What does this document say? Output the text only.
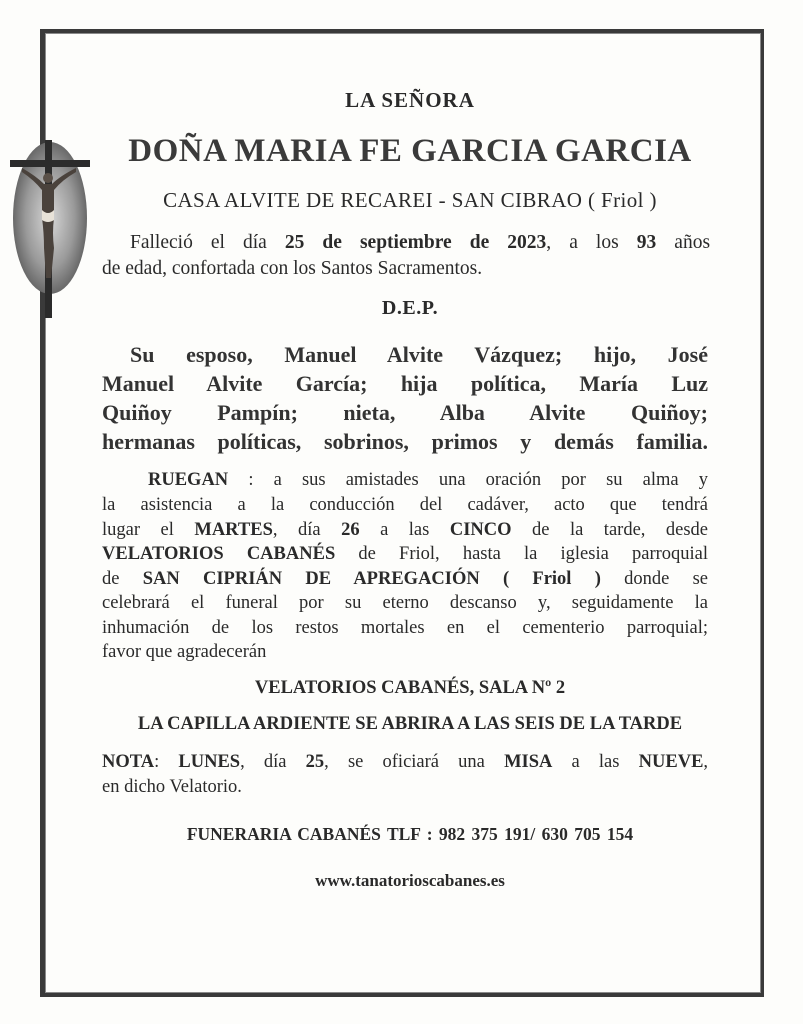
LA SEÑORA
DOÑA MARIA FE GARCIA GARCIA
CASA ALVITE DE RECAREI - SAN CIBRAO ( Friol )
Falleció el día 25 de septiembre de 2023, a los 93 años
de edad, confortada con los Santos Sacramentos.
D.E.P.
Su esposo, Manuel Alvite Vázquez; hijo, José
Manuel Alvite García; hija política, María Luz
Quiñoy Pampín; nieta, Alba Alvite Quiñoy;
hermanas políticas, sobrinos, primos y demás familia.
RUEGAN : a sus amistades una oración por su alma y
la asistencia a la conducción del cadáver, acto que tendrá
lugar el MARTES, día 26 a las CINCO de la tarde, desde
VELATORIOS CABANÉS de Friol, hasta la iglesia parroquial
de SAN CIPRIÁN DE APREGACIÓN ( Friol ) donde se
celebrará el funeral por su eterno descanso y, seguidamente la
inhumación de los restos mortales en el cementerio parroquial;
favor que agradecerán
VELATORIOS CABANÉS, SALA Nº 2
LA CAPILLA ARDIENTE SE ABRIRA A LAS SEIS DE LA TARDE
NOTA: LUNES, día 25, se oficiará una MISA a las NUEVE,
en dicho Velatorio.
FUNERARIA CABANÉS TLF : 982 375 191/ 630 705 154
www.tanatorioscabanes.es
